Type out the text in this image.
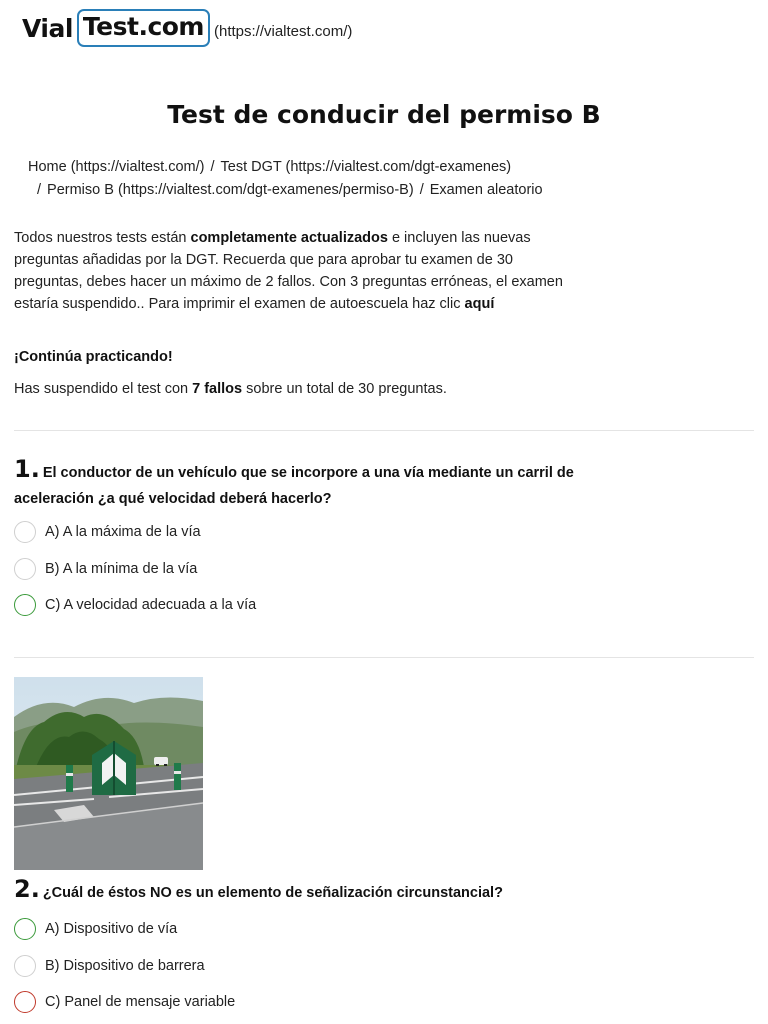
Vial Test.com (https://vialtest.com/)
Test de conducir del permiso B
Home (https://vialtest.com/) / Test DGT (https://vialtest.com/dgt-examenes)
/ Permiso B (https://vialtest.com/dgt-examenes/permiso-B) / Examen aleatorio

Todos nuestros tests están completamente actualizados e incluyen las nuevas preguntas añadidas por la DGT. Recuerda que para aprobar tu examen de 30 preguntas, debes hacer un máximo de 2 fallos. Con 3 preguntas erróneas, el examen estaría suspendido.. Para imprimir el examen de autoescuela haz clic aquí

¡Continúa practicando!
Has suspendido el test con 7 fallos sobre un total de 30 preguntas.

1. El conductor de un vehículo que se incorpore a una vía mediante un carril de aceleración ¿a qué velocidad deberá hacerlo?

A) A la máxima de la vía
B) A la mínima de la vía
C) A velocidad adecuada a la vía

2. ¿Cuál de éstos NO es un elemento de señalización circunstancial?

A) Dispositivo de vía
B) Dispositivo de barrera
C) Panel de mensaje variable
